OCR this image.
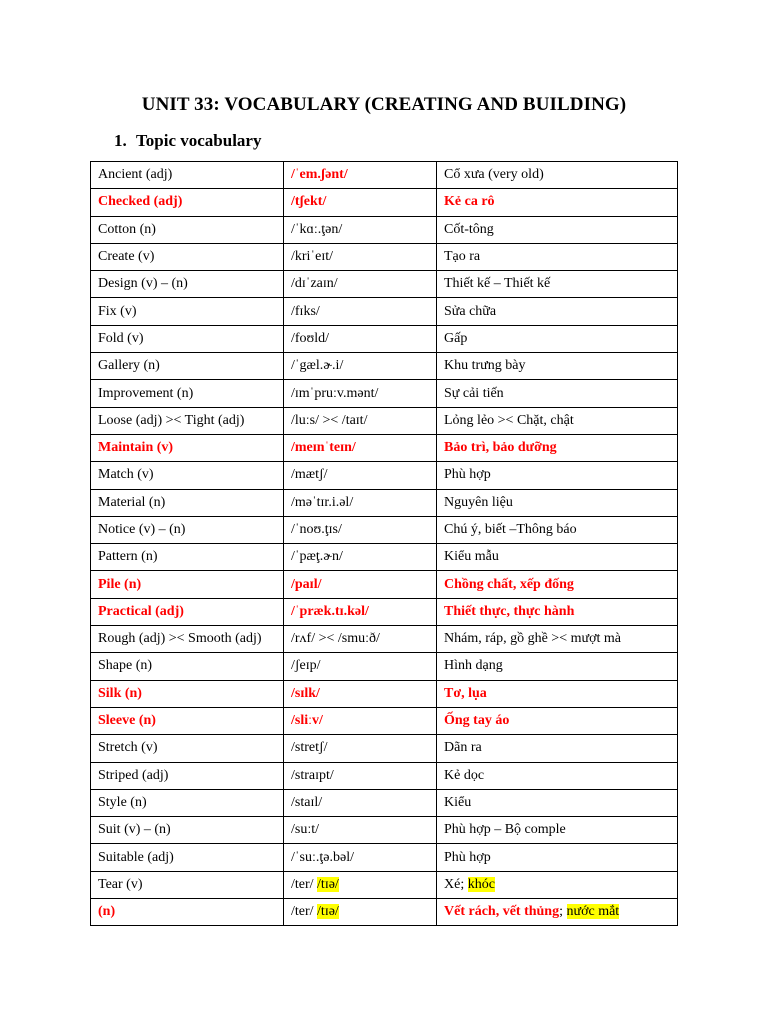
UNIT 33: VOCABULARY (CREATING AND BUILDING)
1. Topic vocabulary
Ancient (adj)	/ˈem.ʃənt/	Cổ xưa (very old)
Checked (adj)	/tʃekt/	Kẻ ca rô
Cotton (n)	/ˈkɑː.ţən/	Cốt-tông
Create (v)	/kriˈeɪt/	Tạo ra
Design (v) – (n)	/dɪˈzaɪn/	Thiết kế – Thiết kế
Fix (v)	/fɪks/	Sửa chữa
Fold (v)	/foʊld/	Gấp
Gallery (n)	/ˈgæl.ɚ.i/	Khu trưng bày
Improvement (n)	/ɪmˈpruːv.mənt/	Sự cải tiến
Loose (adj) >< Tight (adj)	/luːs/ >< /taɪt/	Lỏng lẻo >< Chặt, chật
Maintain (v)	/meɪnˈteɪn/	Bảo trì, bảo dưỡng
Match (v)	/mætʃ/	Phù hợp
Material (n)	/məˈtɪr.i.əl/	Nguyên liệu
Notice (v) – (n)	/ˈnoʊ.ţɪs/	Chú ý, biết –Thông báo
Pattern (n)	/ˈpæţ.ɚn/	Kiểu mẫu
Pile (n)	/paɪl/	Chồng chất, xếp đống
Practical (adj)	/ˈpræk.tɪ.kəl/	Thiết thực, thực hành
Rough (adj) >< Smooth (adj)	/rʌf/ >< /smuːð/	Nhám, ráp, gồ ghề >< mượt mà
Shape (n)	/ʃeɪp/	Hình dạng
Silk (n)	/sɪlk/	Tơ, lụa
Sleeve (n)	/sliːv/	Ống tay áo
Stretch (v)	/stretʃ/	Dãn ra
Striped (adj)	/straɪpt/	Kẻ dọc
Style (n)	/staɪl/	Kiểu
Suit (v) – (n)	/suːt/	Phù hợp – Bộ comple
Suitable (adj)	/ˈsuː.ţə.bəl/	Phù hợp
Tear (v)	/ter/ /tɪə/	Xé; khóc
(n)	/ter/ /tɪə/	Vết rách, vết thủng; nước mắt
